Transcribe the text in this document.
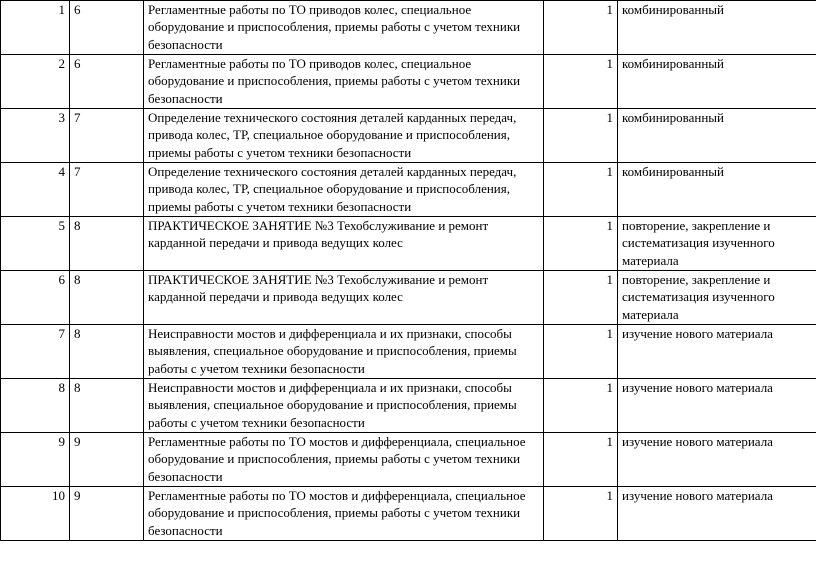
1	6	Регламентные работы по ТО приводов колес, специальное оборудование и приспособления, приемы работы с учетом техники безопасности	1	комбинированный
2	6	Регламентные работы по ТО приводов колес, специальное оборудование и приспособления, приемы работы с учетом техники безопасности	1	комбинированный
3	7	Определение технического состояния деталей карданных передач, привода колес, ТР, специальное оборудование и приспособления, приемы работы с учетом техники безопасности	1	комбинированный
4	7	Определение технического состояния деталей карданных передач, привода колес, ТР, специальное оборудование и приспособления, приемы работы с учетом техники безопасности	1	комбинированный
5	8	ПРАКТИЧЕСКОЕ ЗАНЯТИЕ №3 Техобслуживание и ремонт карданной передачи и привода ведущих колес	1	повторение, закрепление и систематизация изученного материала
6	8	ПРАКТИЧЕСКОЕ ЗАНЯТИЕ №3 Техобслуживание и ремонт карданной передачи и привода ведущих колес	1	повторение, закрепление и систематизация изученного материала
7	8	Неисправности мостов и дифференциала и их признаки, способы выявления, специальное оборудование и приспособления, приемы работы с учетом техники безопасности	1	изучение нового материала
8	8	Неисправности мостов и дифференциала и их признаки, способы выявления, специальное оборудование и приспособления, приемы работы с учетом техники безопасности	1	изучение нового материала
9	9	Регламентные работы по ТО мостов и дифференциала, специальное оборудование и приспособления, приемы работы с учетом техники безопасности	1	изучение нового материала
10	9	Регламентные работы по ТО мостов и дифференциала, специальное оборудование и приспособления, приемы работы с учетом техники безопасности	1	изучение нового материала
